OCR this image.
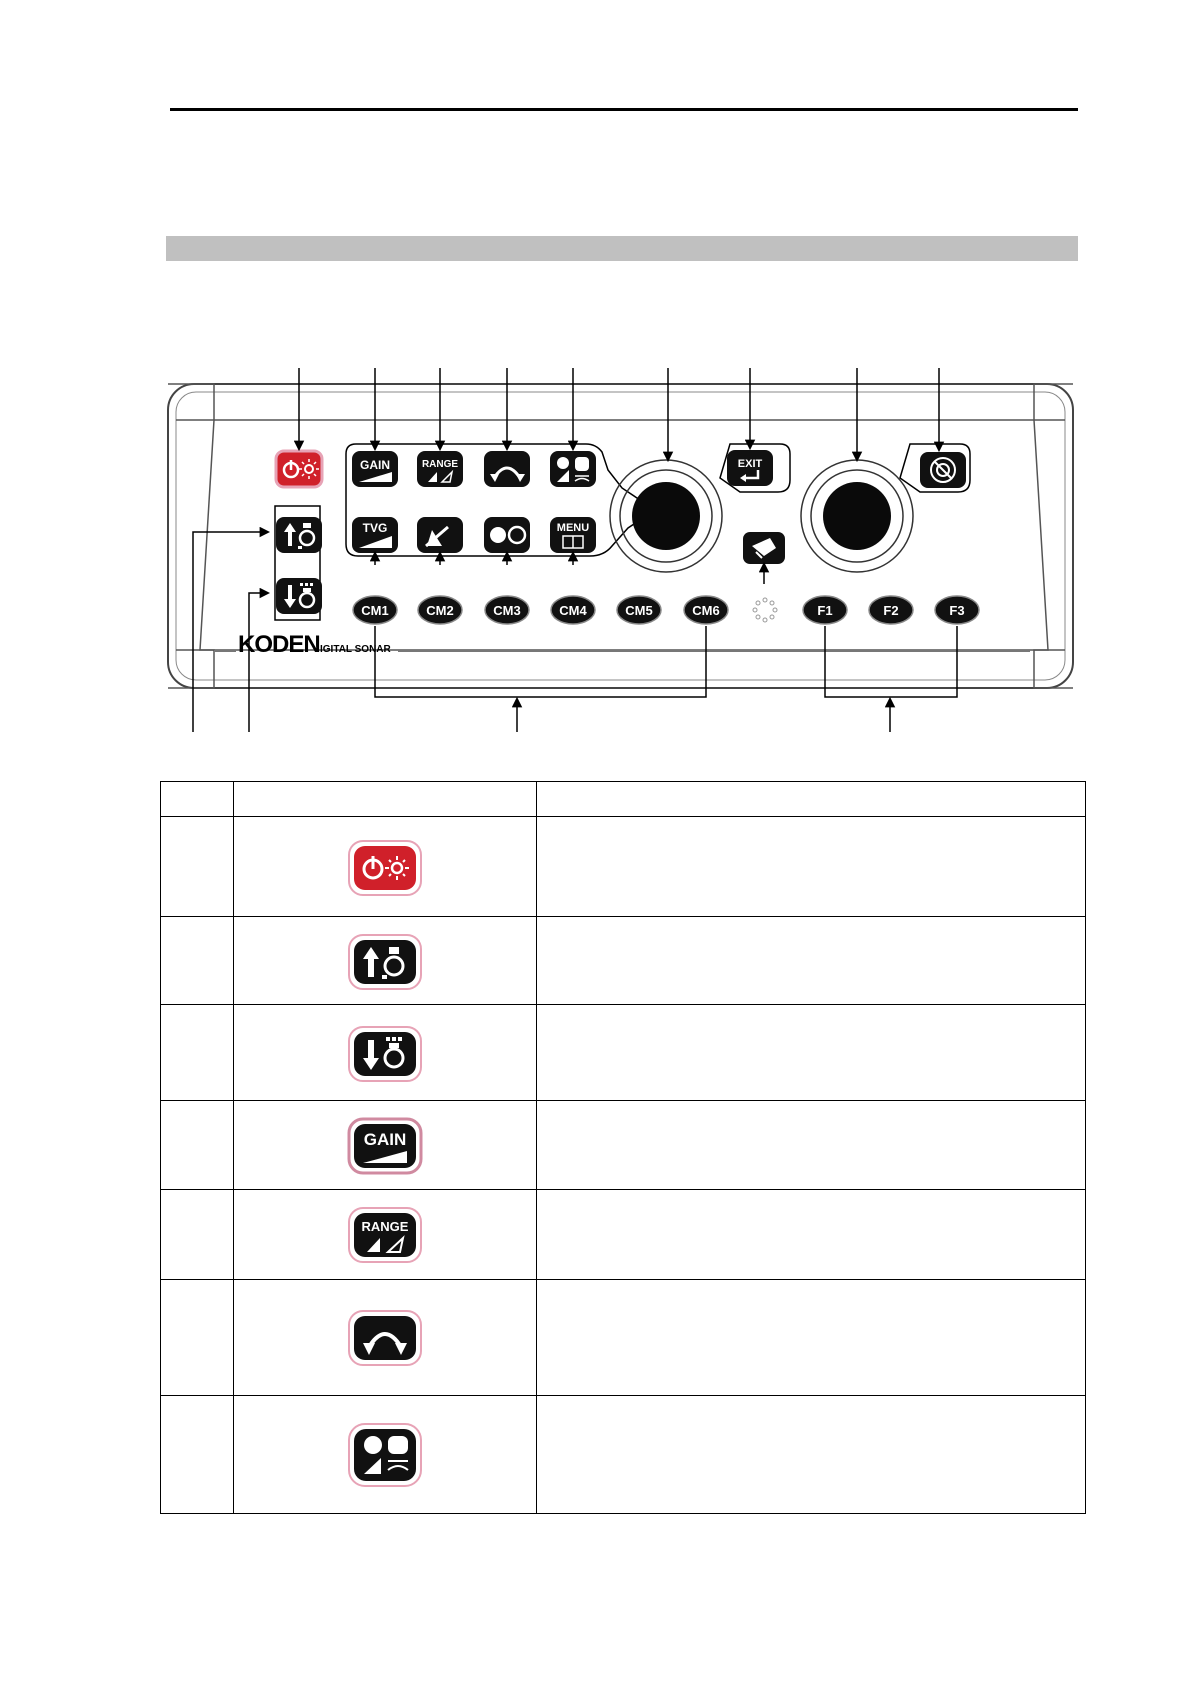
GAIN	RANGE	EXIT
TVG	MENU
CM1	CM2	CM3	CM4	CM5	CM6	F1	F2	F3
KODEN IGITAL SONAR

GAIN	

RANGE	
